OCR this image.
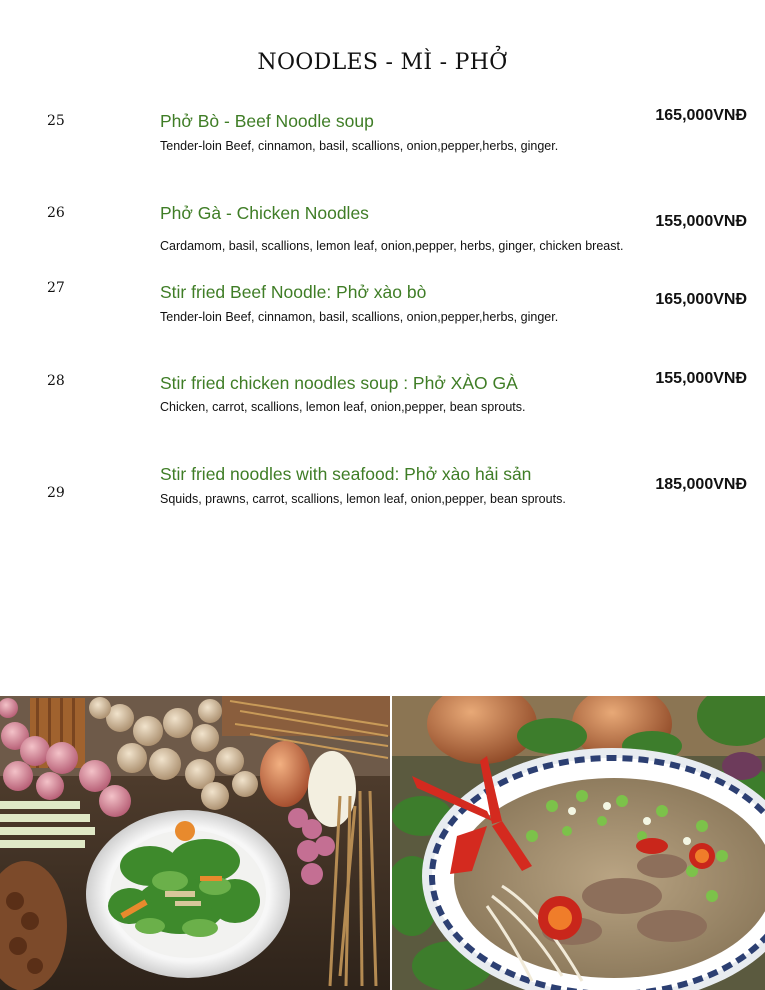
NOODLES - MÌ - PHỞ
25	Phở Bò - Beef Noodle soup
Tender-loin Beef, cinnamon, basil, scallions, onion,pepper,herbs, ginger.
165,000VNĐ
26	Phở Gà - Chicken Noodles
Cardamom, basil, scallions, lemon leaf, onion,pepper, herbs, ginger, chicken breast.
155,000VNĐ
27	Stir fried Beef Noodle: Phở xào bò
Tender-loin Beef, cinnamon, basil, scallions, onion,pepper,herbs, ginger.
165,000VNĐ
28	Stir fried chicken noodles soup : Phở XÀO GÀ
Chicken, carrot, scallions, lemon leaf, onion,pepper, bean sprouts.
155,000VNĐ
29
Stir fried noodles with seafood: Phở xào hải sản
Squids, prawns, carrot, scallions, lemon leaf, onion,pepper, bean sprouts.
185,000VNĐ
